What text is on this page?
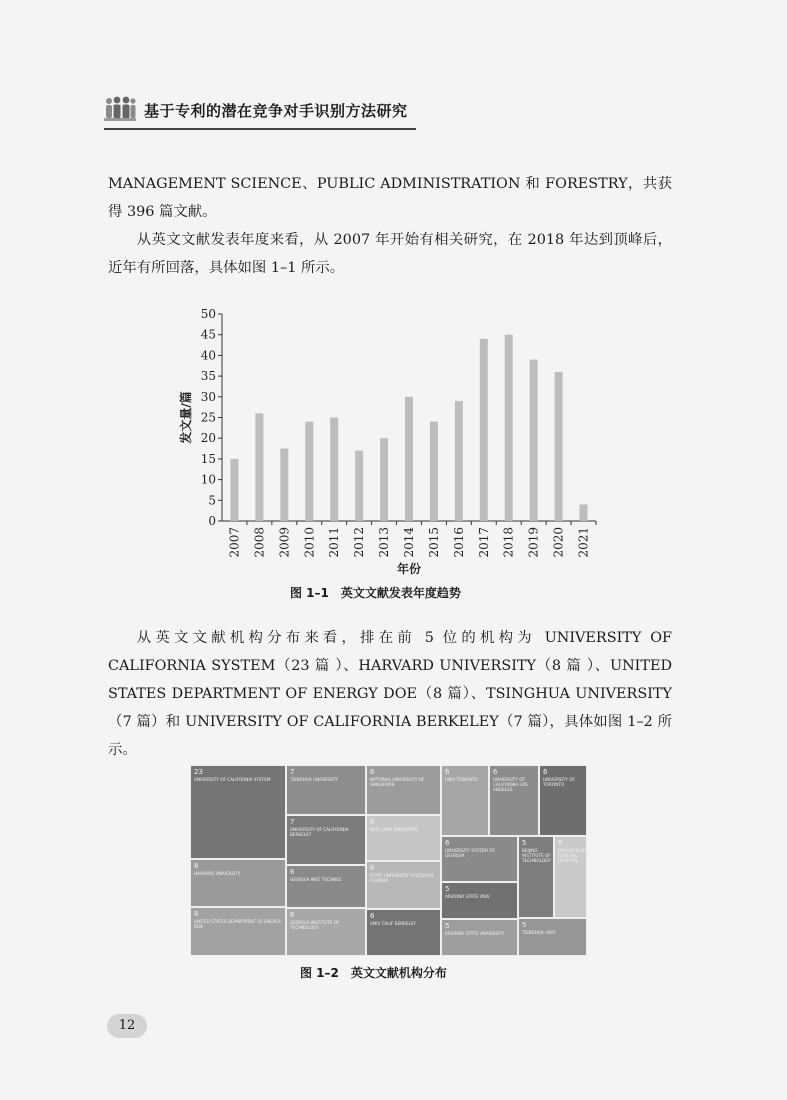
基于专利的潜在竞争对手识别方法研究
MANAGEMENT SCIENCE、PUBLIC ADMINISTRATION 和 FORESTRY，共获得 396 篇文献。
从英文文献发表年度来看，从 2007 年开始有相关研究，在 2018 年达到顶峰后，近年有所回落，具体如图 1–1 所示。
0
5
10
15
20
25
30
35
40
45
50
2007 2008 2009 2010 2011 2012 2013 2014 2015 2016 2017 2018 2019 2020 2021
年份
发文量/篇
图 1–1　英文文献发表年度趋势
从英文文献机构分布来看，排在前 5 位的机构为 UNIVERSITY OF CALIFORNIA SYSTEM（23 篇 ）、HARVARD UNIVERSITY（8 篇 ）、UNITED STATES DEPARTMENT OF ENERGY DOE（8 篇）、TSINGHUA UNIVERSITY（7 篇）和 UNIVERSITY OF CALIFORNIA BERKELEY（7 篇），具体如图 1–2 所示。
23
UNIVERSITY OF CALIFORNIA SYSTEM
8
HARVARD UNIVERSITY
8
UNITED STATES DEPARTMENT OF ENERGY DOE
7
TSINGHUA UNIVERSITY
7
UNIVERSITY OF CALIFORNIA BERKELEY
6
GEORGIA INST TECHNOL
6
GEORGIA INSTITUTE OF TECHNOLOGY
6
NATIONAL UNIVERSITY OF SINGAPORE
6
NATL UNIV SINGAPORE
6
STATE UNIVERSITY SYSTEM OF FLORIDA
6
UNIV CALIF BERKELEY
6
UNIV TORONTO
6
UNIVERSITY OF CALIFORNIA LOS ANGELES
6
UNIVERSITY OF TORONTO
6
UNIVERSITY SYSTEM OF GEORGIA
5
ARIZONA STATE UNIV
5
ARIZONA STATE UNIVERSITY
5
BEIJING INSTITUTE OF TECHNOLOGY
5
MASSACHUSETTS GENERAL HOSPITAL
5
TSINGHUA UNIV
图 1–2　英文文献机构分布
12
